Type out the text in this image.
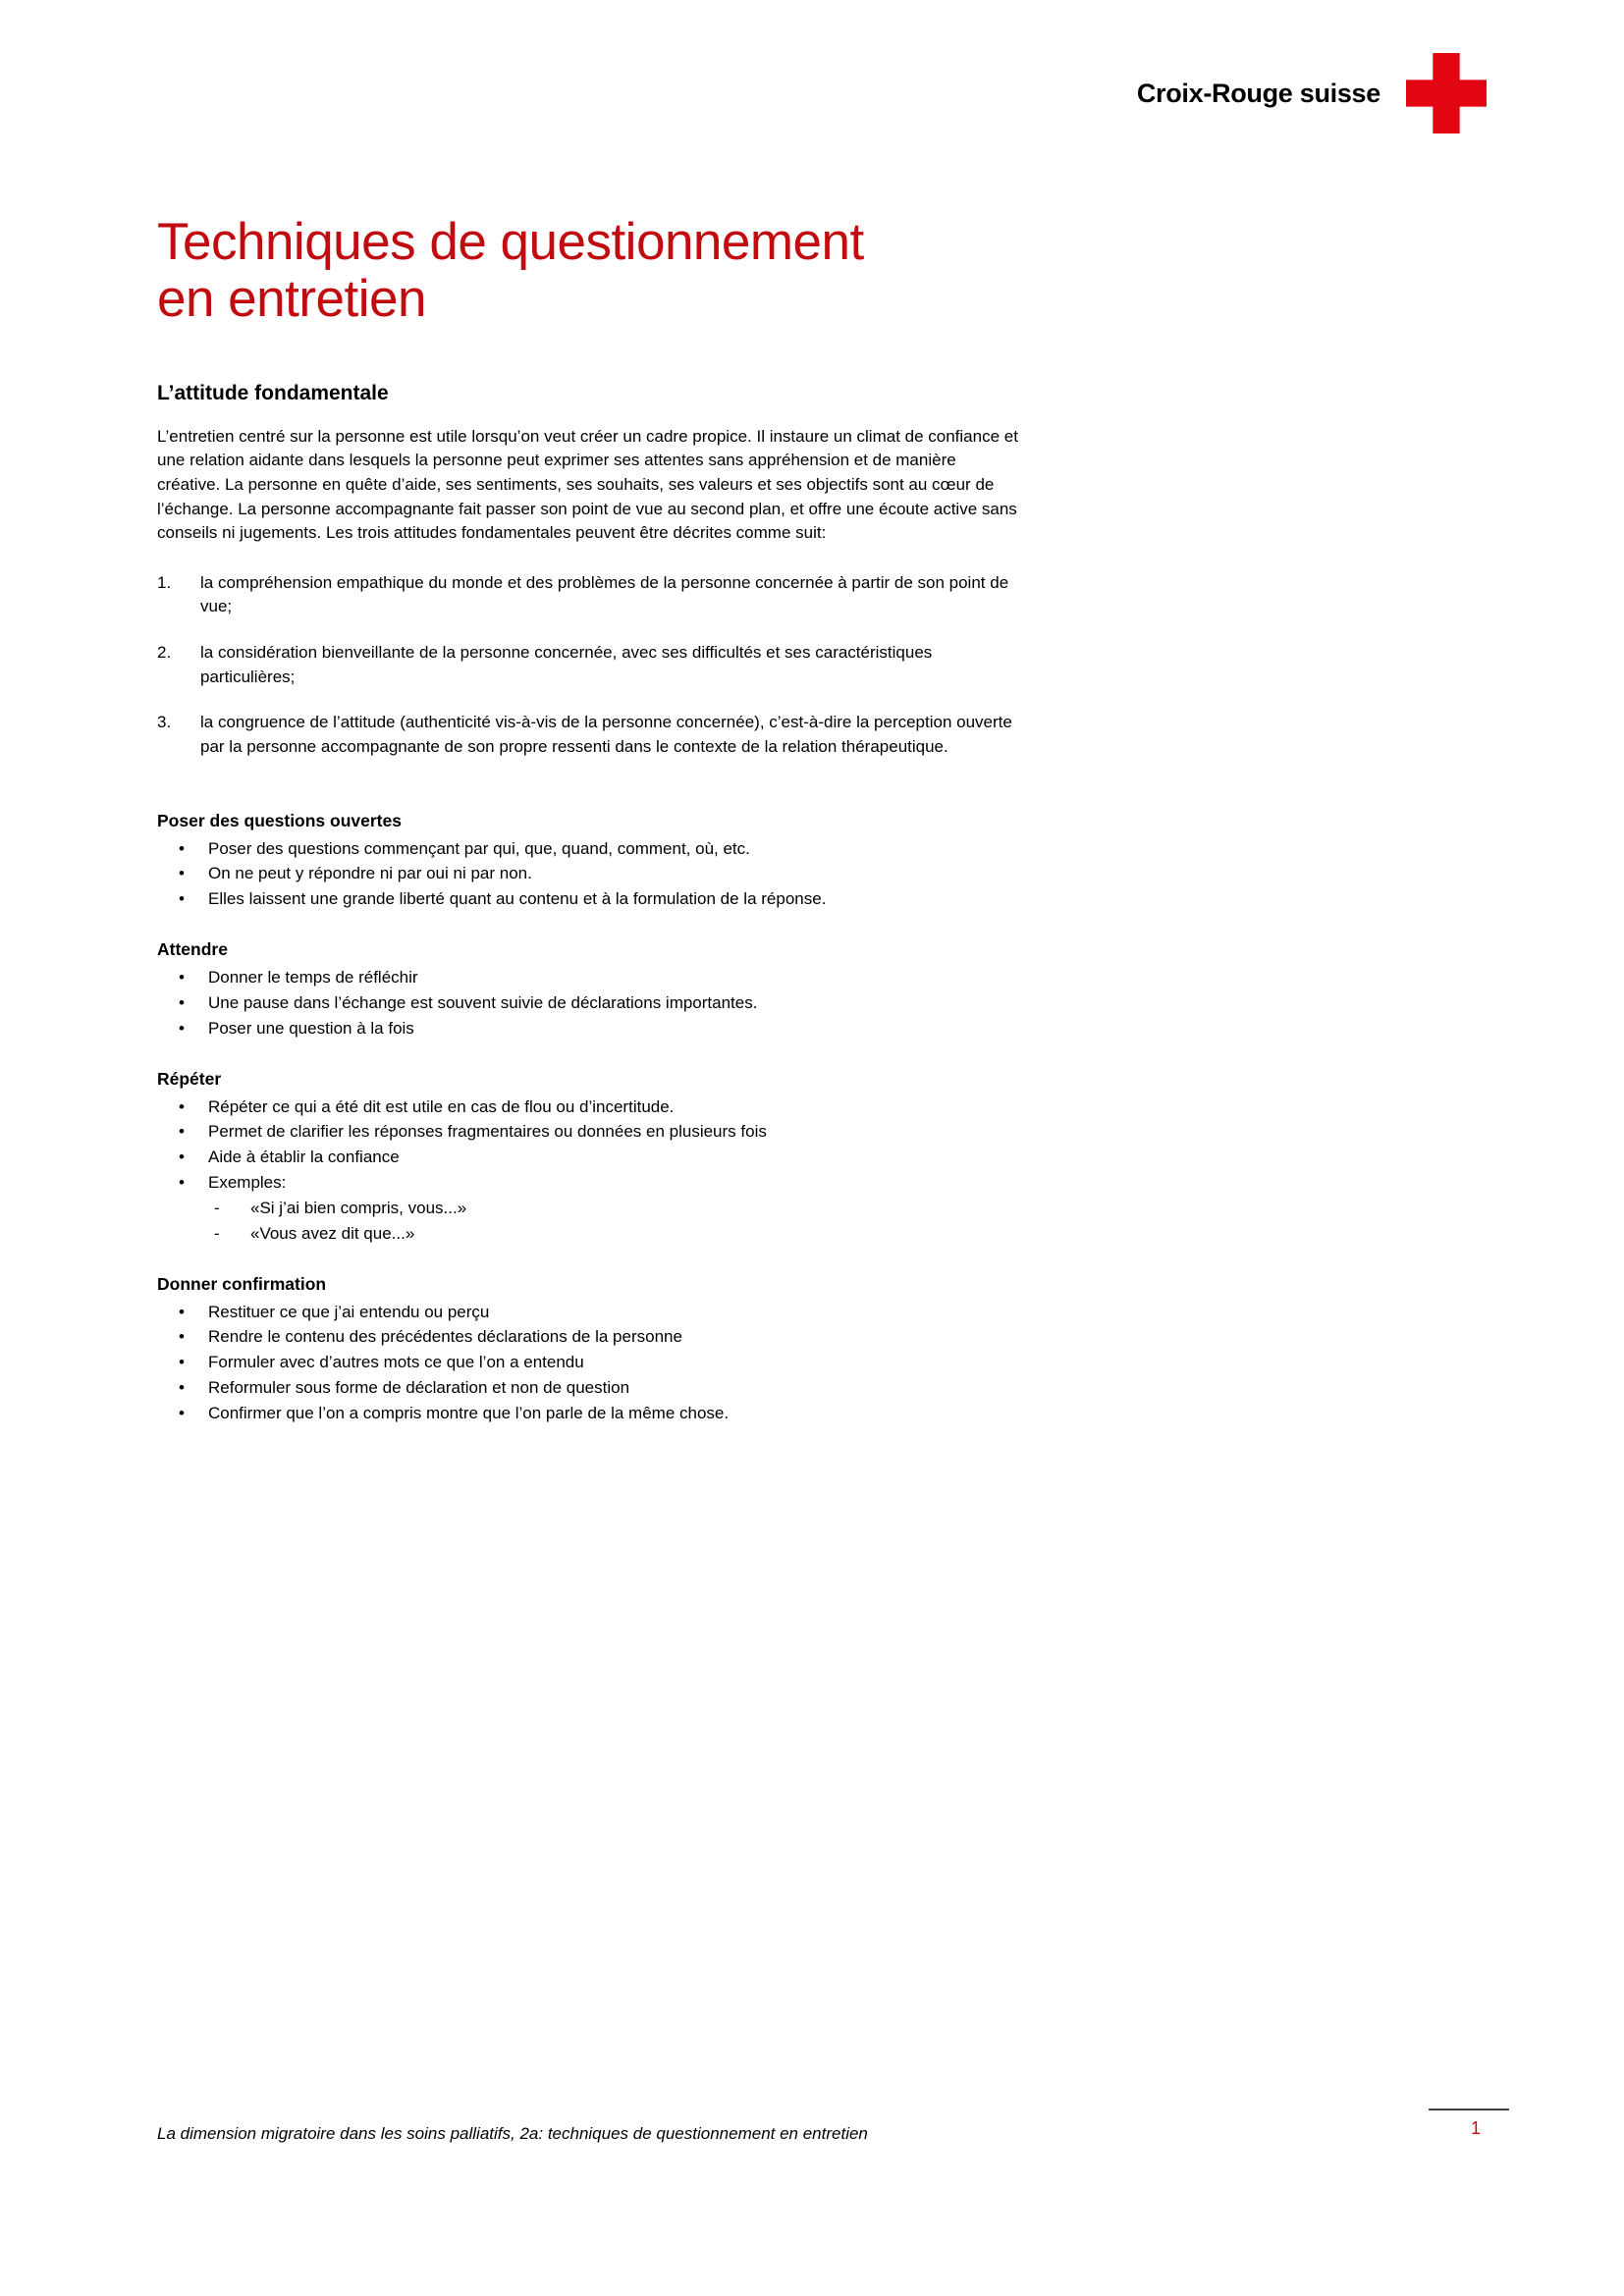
Croix-Rouge suisse
Techniques de questionnement
en entretien
L’attitude fondamentale

L’entretien centré sur la personne est utile lorsqu’on veut créer un cadre propice. Il instaure un climat de confiance et une relation aidante dans lesquels la personne peut exprimer ses attentes sans appréhension et de manière créative. La personne en quête d’aide, ses sentiments, ses souhaits, ses valeurs et ses objectifs sont au cœur de l’échange. La personne accompagnante fait passer son point de vue au second plan, et offre une écoute active sans conseils ni jugements. Les trois attitudes fondamentales peuvent être décrites comme suit:

1.	la compréhension empathique du monde et des problèmes de la personne concernée à partir de son point de vue;
2.	la considération bienveillante de la personne concernée, avec ses difficultés et ses caractéristiques particulières;
3.	la congruence de l’attitude (authenticité vis-à-vis de la personne concernée), c’est-à-dire la perception ouverte par la personne accompagnante de son propre ressenti dans le contexte de la relation thérapeutique.
Poser des questions ouvertes
• Poser des questions commençant par qui, que, quand, comment, où, etc.
• On ne peut y répondre ni par oui ni par non.
• Elles laissent une grande liberté quant au contenu et à la formulation de la réponse.
Attendre
• Donner le temps de réfléchir
• Une pause dans l’échange est souvent suivie de déclarations importantes.
• Poser une question à la fois
Répéter
• Répéter ce qui a été dit est utile en cas de flou ou d’incertitude.
• Permet de clarifier les réponses fragmentaires ou données en plusieurs fois
• Aide à établir la confiance
• Exemples:
- «Si j’ai bien compris, vous...»
- «Vous avez dit que...»
Donner confirmation
• Restituer ce que j’ai entendu ou perçu
• Rendre le contenu des précédentes déclarations de la personne
• Formuler avec d’autres mots ce que l’on a entendu
• Reformuler sous forme de déclaration et non de question
• Confirmer que l’on a compris montre que l’on parle de la même chose.

La dimension migratoire dans les soins palliatifs, 2a: techniques de questionnement en entretien	1
